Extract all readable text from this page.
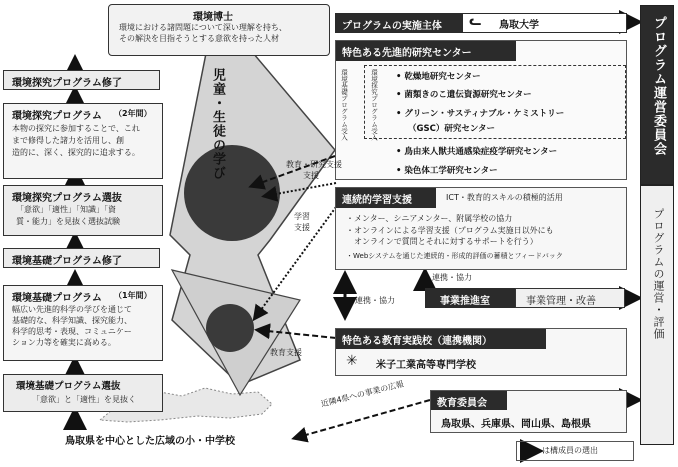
環境博士
環境における諸問題について深い理解を持ち、
その解決を目指そうとする意欲を持った人材
環境探究プログラム修了
環境探究プログラム （2年間）
本物の探究に参加することで、これ
まで修得した諸力を活用し、創
造的に、深く、探究的に追求する。
環境探究プログラム選抜
「意欲」「適性」「知識」「資
質・能力」を見抜く選抜試験
環境基礎プログラム修了
環境基礎プログラム （1年間）
幅広い先進的科学の学びを通じて
基礎的な、科学知識、探究能力、
科学的思考・表現、コミュニケー
ション力等を確実に高める。
環境基礎プログラム選抜
「意欲」と「適性」を見抜く
鳥取県を中心とした広域の小・中学校
児童・生徒の学び
プログラムの実施主体 ᓚ 鳥取大学
特色ある先進的研究センター
環境基礎プログラム受入	環境探究プログラム受入 • 乾燥地研究センター
• 菌類きのこ遺伝資源研究センター
• グリーン・サスティナブル・ケミストリー
（GSC）研究センター
• 鳥由来人獣共通感染症疫学研究センター
• 染色体工学研究センター
連続的学習支援	ICT・教育的スキルの積極的活用
・メンター、シニアメンター、附属学校の協力
・オンラインによる学習支援（プログラム実施日以外にも
　オンラインで質問とそれに対するサポートを行う）
・Webシステムを通じた連続的・形成的評価の蓄積とフィードバック
事業推進室	事業管理・改善
特色ある教育実践校（連携機関）
✳ 米子工業高等専門学校
教育委員会
鳥取県、兵庫県、岡山県、島根県
プログラム運営委員会
プログラムの運営・評価
教育・研究支援
支援
学習
支援
連携・協力
連携・協力
教育支援
近隣4県への事業の広報
は構成員の選出
